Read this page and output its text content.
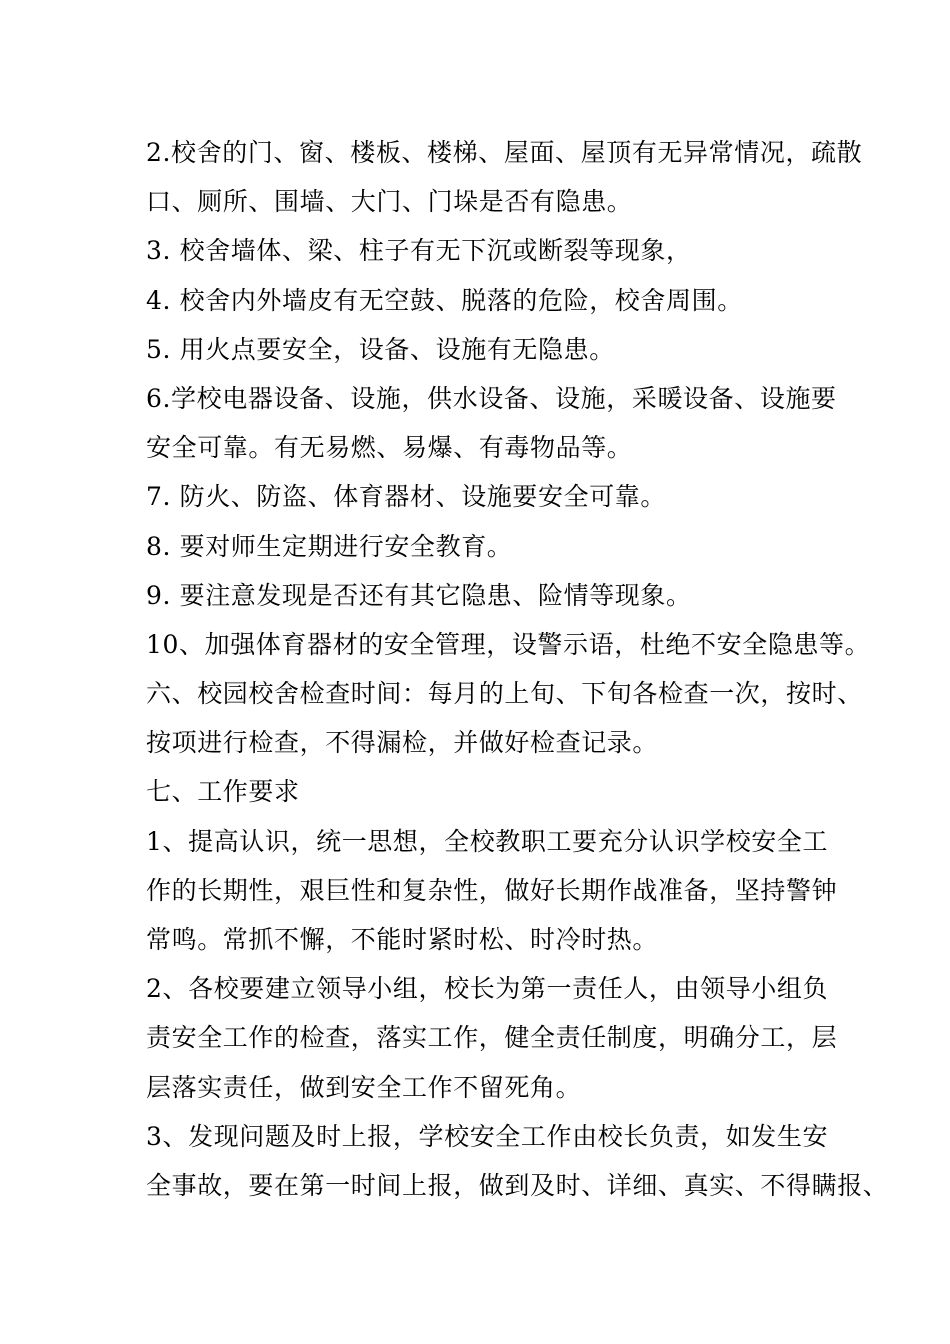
2.校舍的门、窗、楼板、楼梯、屋面、屋顶有无异常情况，疏散
口、厕所、围墙、大门、门垛是否有隐患。
3. 校舍墙体、梁、柱子有无下沉或断裂等现象，
4. 校舍内外墙皮有无空鼓、脱落的危险，校舍周围。
5. 用火点要安全，设备、设施有无隐患。
6.学校电器设备、设施，供水设备、设施，采暖设备、设施要
安全可靠。有无易燃、易爆、有毒物品等。
7. 防火、防盗、体育器材、设施要安全可靠。
8. 要对师生定期进行安全教育。
9. 要注意发现是否还有其它隐患、险情等现象。
10、加强体育器材的安全管理，设警示语，杜绝不安全隐患等。
六、校园校舍检查时间：每月的上旬、下旬各检查一次，按时、
按项进行检查，不得漏检，并做好检查记录。
七、工作要求
1、提高认识，统一思想，全校教职工要充分认识学校安全工
作的长期性，艰巨性和复杂性，做好长期作战准备，坚持警钟
常鸣。常抓不懈，不能时紧时松、时冷时热。
2、各校要建立领导小组，校长为第一责任人，由领导小组负
责安全工作的检查，落实工作，健全责任制度，明确分工，层
层落实责任，做到安全工作不留死角。
3、发现问题及时上报，学校安全工作由校长负责，如发生安
全事故，要在第一时间上报，做到及时、详细、真实、不得瞒报、
